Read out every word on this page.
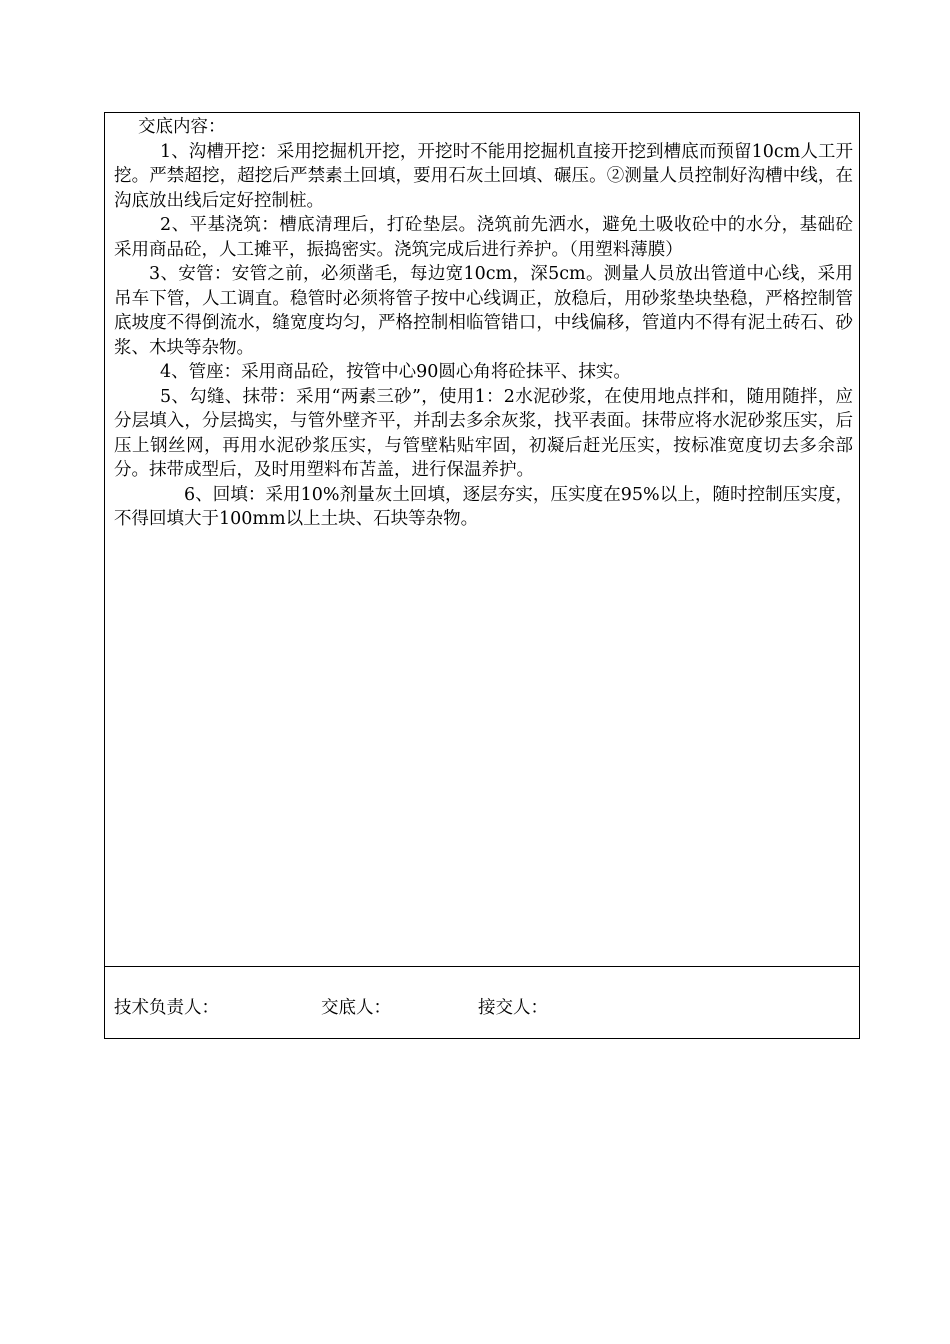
交底内容：

1、沟槽开挖：采用挖掘机开挖，开挖时不能用挖掘机直接开挖到槽底而预留10cm人工开挖。严禁超挖，超挖后严禁素土回填，要用石灰土回填、碾压。②测量人员控制好沟槽中线，在沟底放出线后定好控制桩。

2、平基浇筑：槽底清理后，打砼垫层。浇筑前先洒水，避免土吸收砼中的水分，基础砼采用商品砼，人工摊平，振捣密实。浇筑完成后进行养护。（用塑料薄膜）

3、安管：安管之前，必须凿毛，每边宽10cm，深5cm。测量人员放出管道中心线，采用吊车下管，人工调直。稳管时必须将管子按中心线调正，放稳后，用砂浆垫块垫稳，严格控制管底坡度不得倒流水，缝宽度均匀，严格控制相临管错口，中线偏移，管道内不得有泥土砖石、砂浆、木块等杂物。

4、管座：采用商品砼，按管中心90圆心角将砼抹平、抹实。

5、勾缝、抹带：采用“两素三砂”，使用1：2水泥砂浆，在使用地点拌和，随用随拌，应分层填入，分层捣实，与管外壁齐平，并刮去多余灰浆，找平表面。抹带应将水泥砂浆压实，后压上钢丝网，再用水泥砂浆压实，与管壁粘贴牢固，初凝后赶光压实，按标准宽度切去多余部分。抹带成型后，及时用塑料布苫盖，进行保温养护。

6、回填：采用10%剂量灰土回填，逐层夯实，压实度在95%以上，随时控制压实度，不得回填大于100mm以上土块、石块等杂物。

技术负责人：	交底人：	接交人：
